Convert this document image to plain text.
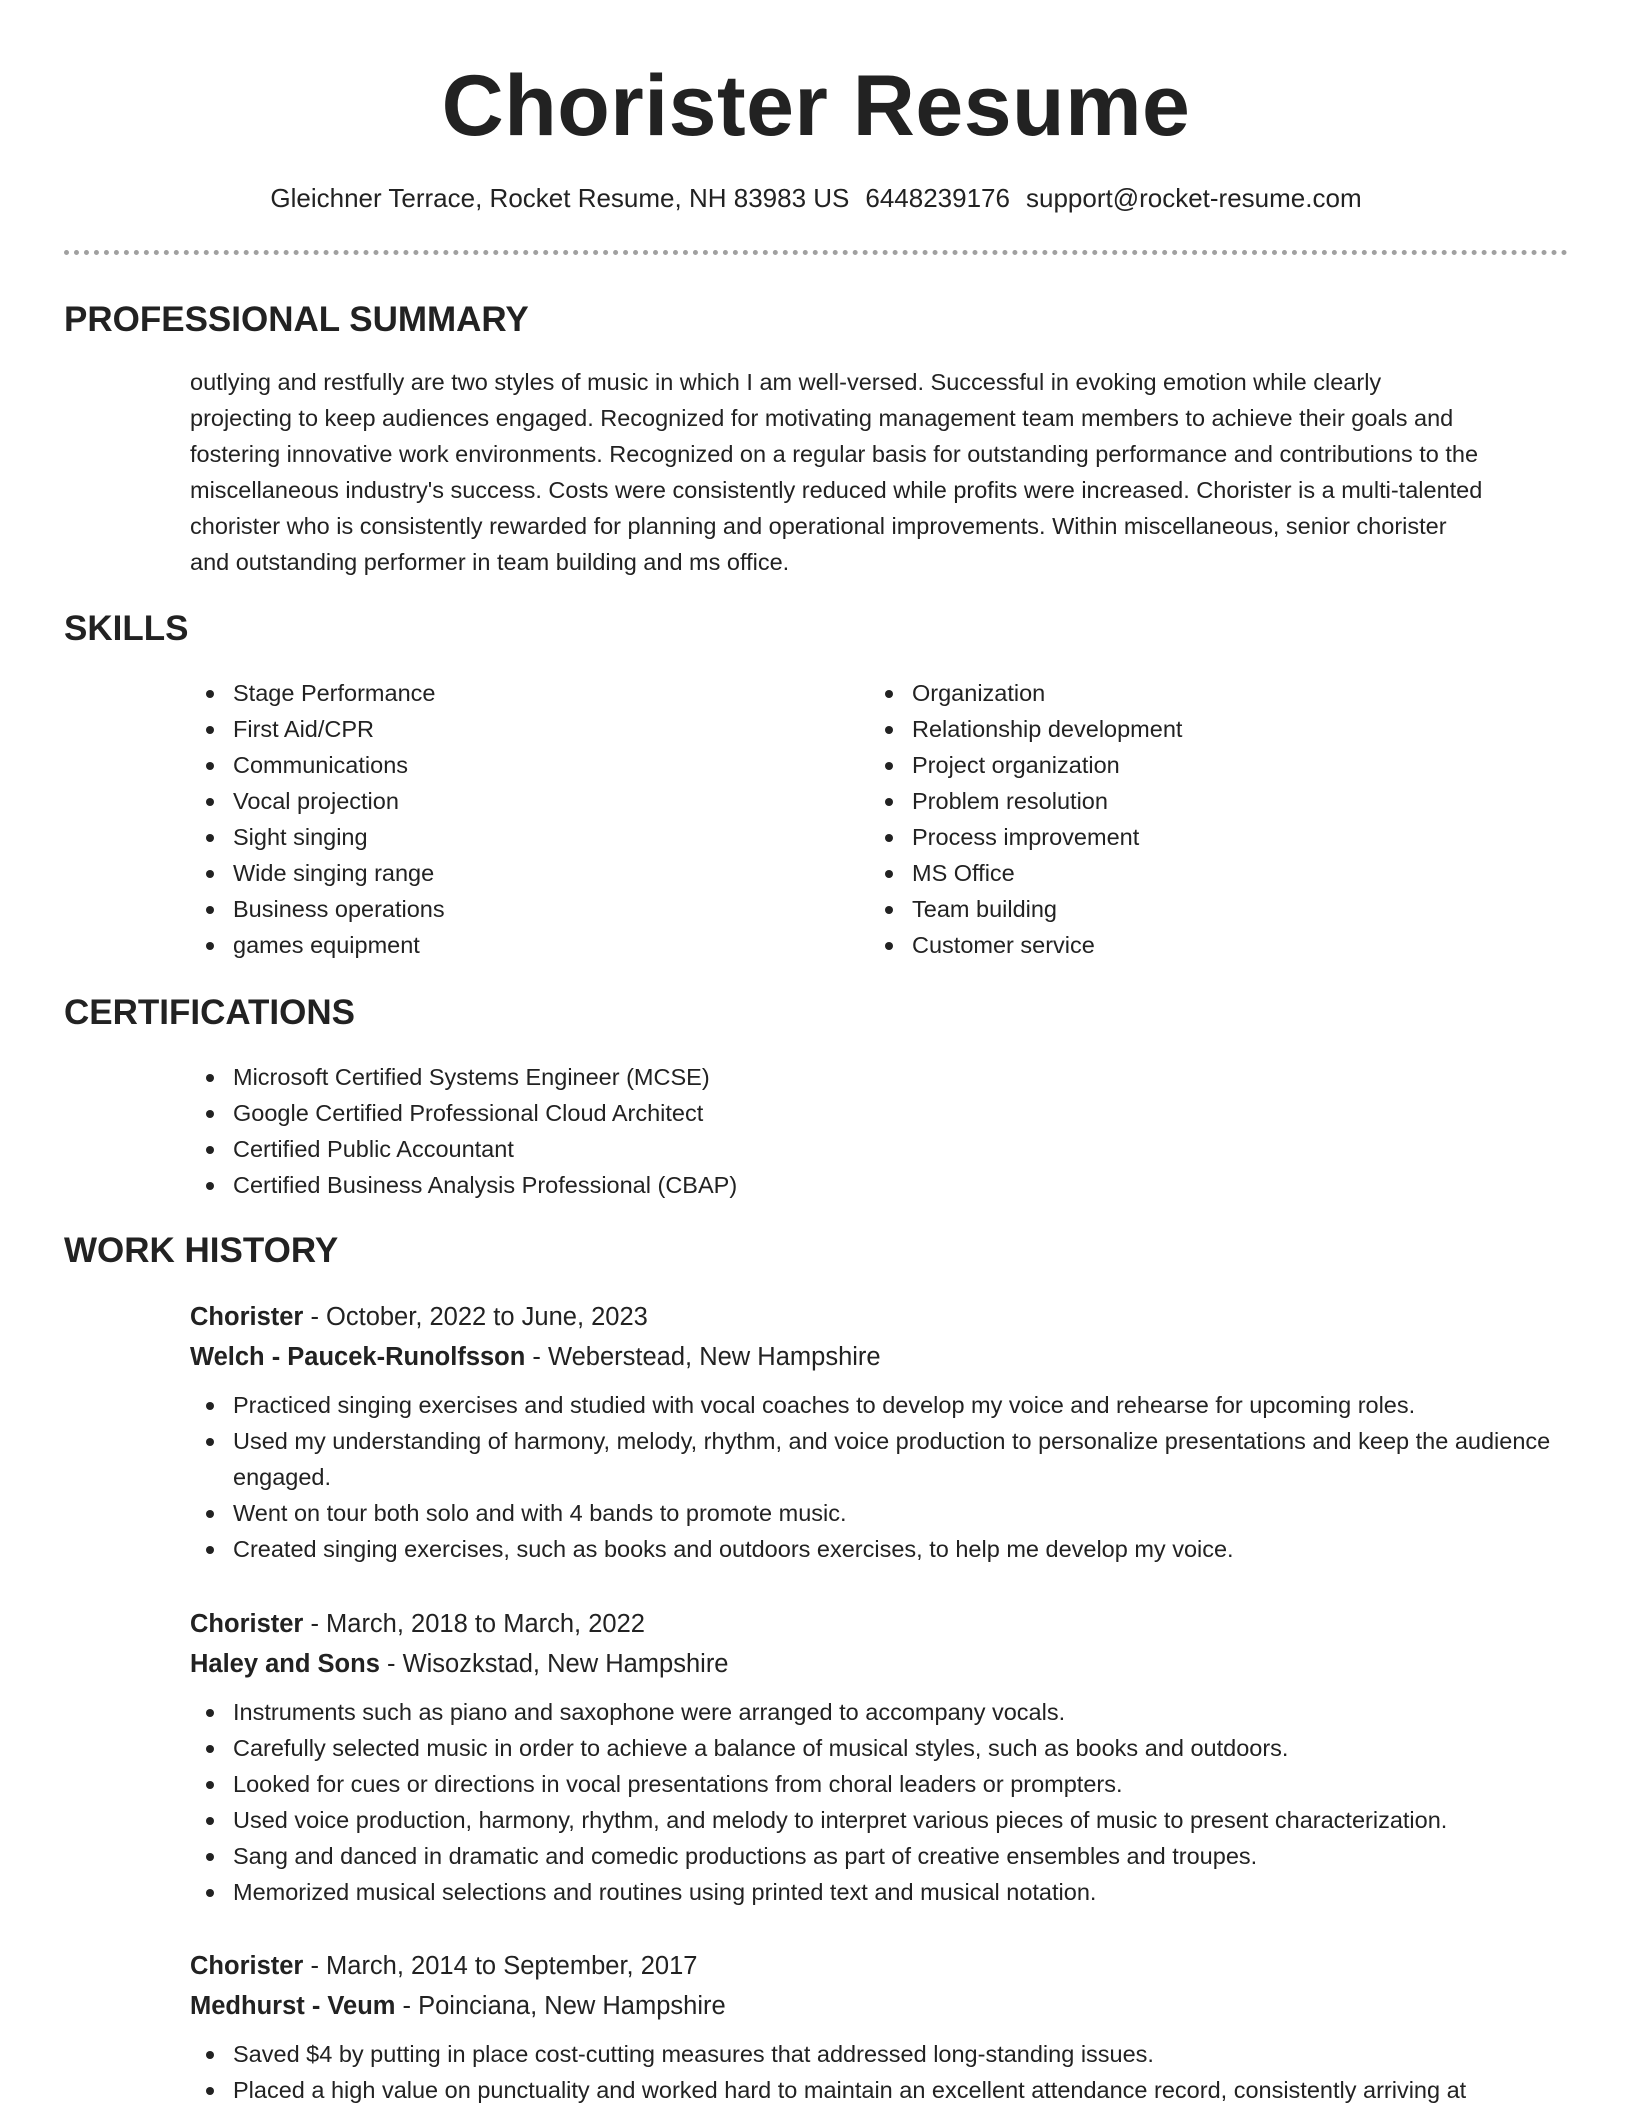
Chorister Resume
Gleichner Terrace, Rocket Resume, NH 83983 US 6448239176 support@rocket-resume.com
PROFESSIONAL SUMMARY
outlying and restfully are two styles of music in which I am well-versed. Successful in evoking emotion while clearly
projecting to keep audiences engaged. Recognized for motivating management team members to achieve their goals and
fostering innovative work environments. Recognized on a regular basis for outstanding performance and contributions to the
miscellaneous industry's success. Costs were consistently reduced while profits were increased. Chorister is a multi-talented
chorister who is consistently rewarded for planning and operational improvements. Within miscellaneous, senior chorister
and outstanding performer in team building and ms office.
SKILLS
Stage Performance
First Aid/CPR
Communications
Vocal projection
Sight singing
Wide singing range
Business operations
games equipment
Organization
Relationship development
Project organization
Problem resolution
Process improvement
MS Office
Team building
Customer service
CERTIFICATIONS
Microsoft Certified Systems Engineer (MCSE)
Google Certified Professional Cloud Architect
Certified Public Accountant
Certified Business Analysis Professional (CBAP)
WORK HISTORY
Chorister - October, 2022 to June, 2023
Welch - Paucek-Runolfsson - Weberstead, New Hampshire
Practiced singing exercises and studied with vocal coaches to develop my voice and rehearse for upcoming roles.
Used my understanding of harmony, melody, rhythm, and voice production to personalize presentations and keep the audience engaged.
Went on tour both solo and with 4 bands to promote music.
Created singing exercises, such as books and outdoors exercises, to help me develop my voice.
Chorister - March, 2018 to March, 2022
Haley and Sons - Wisozkstad, New Hampshire
Instruments such as piano and saxophone were arranged to accompany vocals.
Carefully selected music in order to achieve a balance of musical styles, such as books and outdoors.
Looked for cues or directions in vocal presentations from choral leaders or prompters.
Used voice production, harmony, rhythm, and melody to interpret various pieces of music to present characterization.
Sang and danced in dramatic and comedic productions as part of creative ensembles and troupes.
Memorized musical selections and routines using printed text and musical notation.
Chorister - March, 2014 to September, 2017
Medhurst - Veum - Poinciana, New Hampshire
Saved $4 by putting in place cost-cutting measures that addressed long-standing issues.
Placed a high value on punctuality and worked hard to maintain an excellent attendance record, consistently arriving at
